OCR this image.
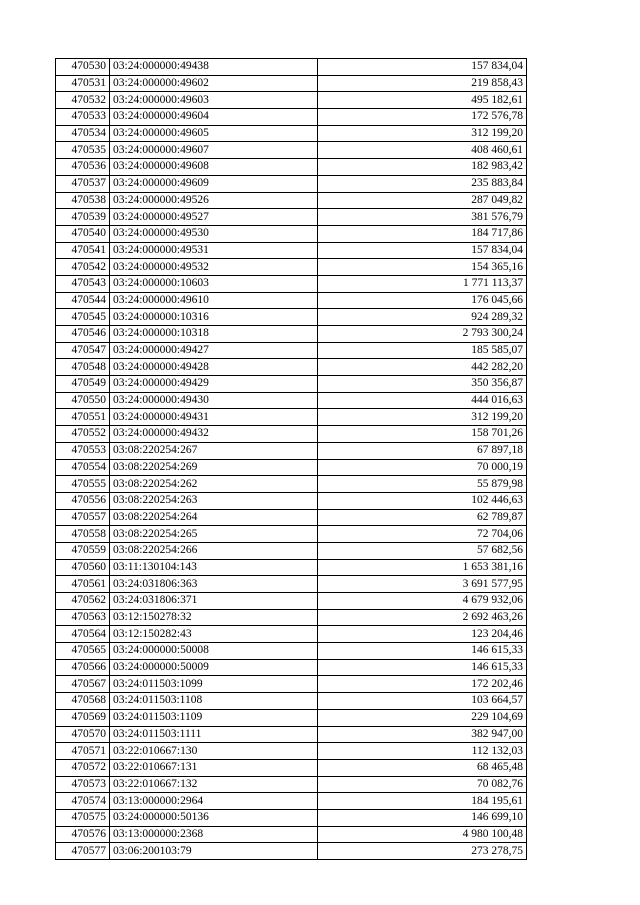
470530	03:24:000000:49438	157 834,04
470531	03:24:000000:49602	219 858,43
470532	03:24:000000:49603	495 182,61
470533	03:24:000000:49604	172 576,78
470534	03:24:000000:49605	312 199,20
470535	03:24:000000:49607	408 460,61
470536	03:24:000000:49608	182 983,42
470537	03:24:000000:49609	235 883,84
470538	03:24:000000:49526	287 049,82
470539	03:24:000000:49527	381 576,79
470540	03:24:000000:49530	184 717,86
470541	03:24:000000:49531	157 834,04
470542	03:24:000000:49532	154 365,16
470543	03:24:000000:10603	1 771 113,37
470544	03:24:000000:49610	176 045,66
470545	03:24:000000:10316	924 289,32
470546	03:24:000000:10318	2 793 300,24
470547	03:24:000000:49427	185 585,07
470548	03:24:000000:49428	442 282,20
470549	03:24:000000:49429	350 356,87
470550	03:24:000000:49430	444 016,63
470551	03:24:000000:49431	312 199,20
470552	03:24:000000:49432	158 701,26
470553	03:08:220254:267	67 897,18
470554	03:08:220254:269	70 000,19
470555	03:08:220254:262	55 879,98
470556	03:08:220254:263	102 446,63
470557	03:08:220254:264	62 789,87
470558	03:08:220254:265	72 704,06
470559	03:08:220254:266	57 682,56
470560	03:11:130104:143	1 653 381,16
470561	03:24:031806:363	3 691 577,95
470562	03:24:031806:371	4 679 932,06
470563	03:12:150278:32	2 692 463,26
470564	03:12:150282:43	123 204,46
470565	03:24:000000:50008	146 615,33
470566	03:24:000000:50009	146 615,33
470567	03:24:011503:1099	172 202,46
470568	03:24:011503:1108	103 664,57
470569	03:24:011503:1109	229 104,69
470570	03:24:011503:1111	382 947,00
470571	03:22:010667:130	112 132,03
470572	03:22:010667:131	68 465,48
470573	03:22:010667:132	70 082,76
470574	03:13:000000:2964	184 195,61
470575	03:24:000000:50136	146 699,10
470576	03:13:000000:2368	4 980 100,48
470577	03:06:200103:79	273 278,75
